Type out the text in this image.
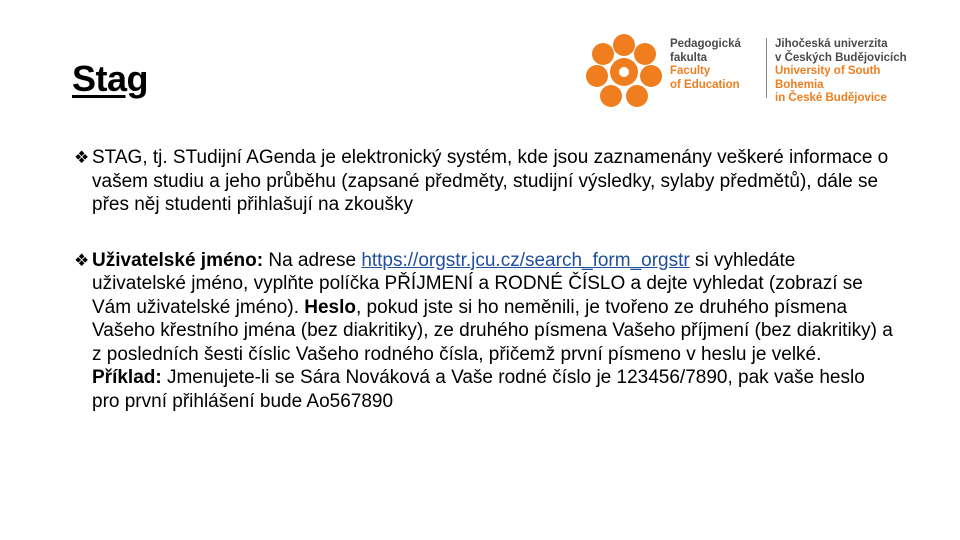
Stag
Pedagogická
fakulta
Faculty
of Education
Jihočeská univerzita
v Českých Budějovicích
University of South Bohemia
in České Budějovice

❖ STAG, tj. STudijní AGenda je elektronický systém, kde jsou zaznamenány veškeré informace o vašem studiu a jeho průběhu (zapsané předměty, studijní výsledky, sylaby předmětů), dále se přes něj studenti přihlašují na zkoušky

❖ Uživatelské jméno: Na adrese https://orgstr.jcu.cz/search_form_orgstr si vyhledáte uživatelské jméno, vyplňte políčka PŘÍJMENÍ a RODNÉ ČÍSLO a dejte vyhledat (zobrazí se Vám uživatelské jméno). Heslo, pokud jste si ho neměnili, je tvořeno ze druhého písmena Vašeho křestního jména (bez diakritiky), ze druhého písmena Vašeho příjmení (bez diakritiky) a z posledních šesti číslic Vašeho rodného čísla, přičemž první písmeno v heslu je velké. Příklad: Jmenujete-li se Sára Nováková a Vaše rodné číslo je 123456/7890, pak vaše heslo pro první přihlášení bude Ao567890
